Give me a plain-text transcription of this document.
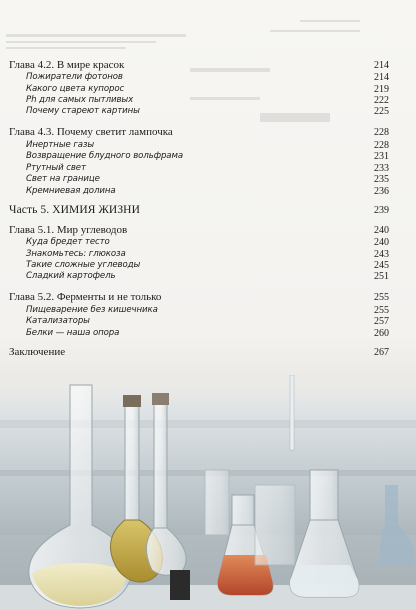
Глава 4.2. В мире красок	214
Пожиратели фотонов	214
Какого цвета купорос	219
Ph для самых пытливых	222
Почему стареют картины	225
Глава 4.3. Почему светит лампочка	228
Инертные газы	228
Возвращение блудного вольфрама	231
Ртутный свет	233
Свет на границе	235
Кремниевая долина	236
Часть 5. ХИМИЯ ЖИЗНИ	239
Глава 5.1. Мир углеводов	240
Куда бредет тесто	240
Знакомьтесь: глюкоза	243
Такие сложные углеводы	245
Сладкий картофель	251
Глава 5.2. Ферменты и не только	255
Пищеварение без кишечника	255
Катализаторы	257
Белки — наша опора	260
Заключение	267
